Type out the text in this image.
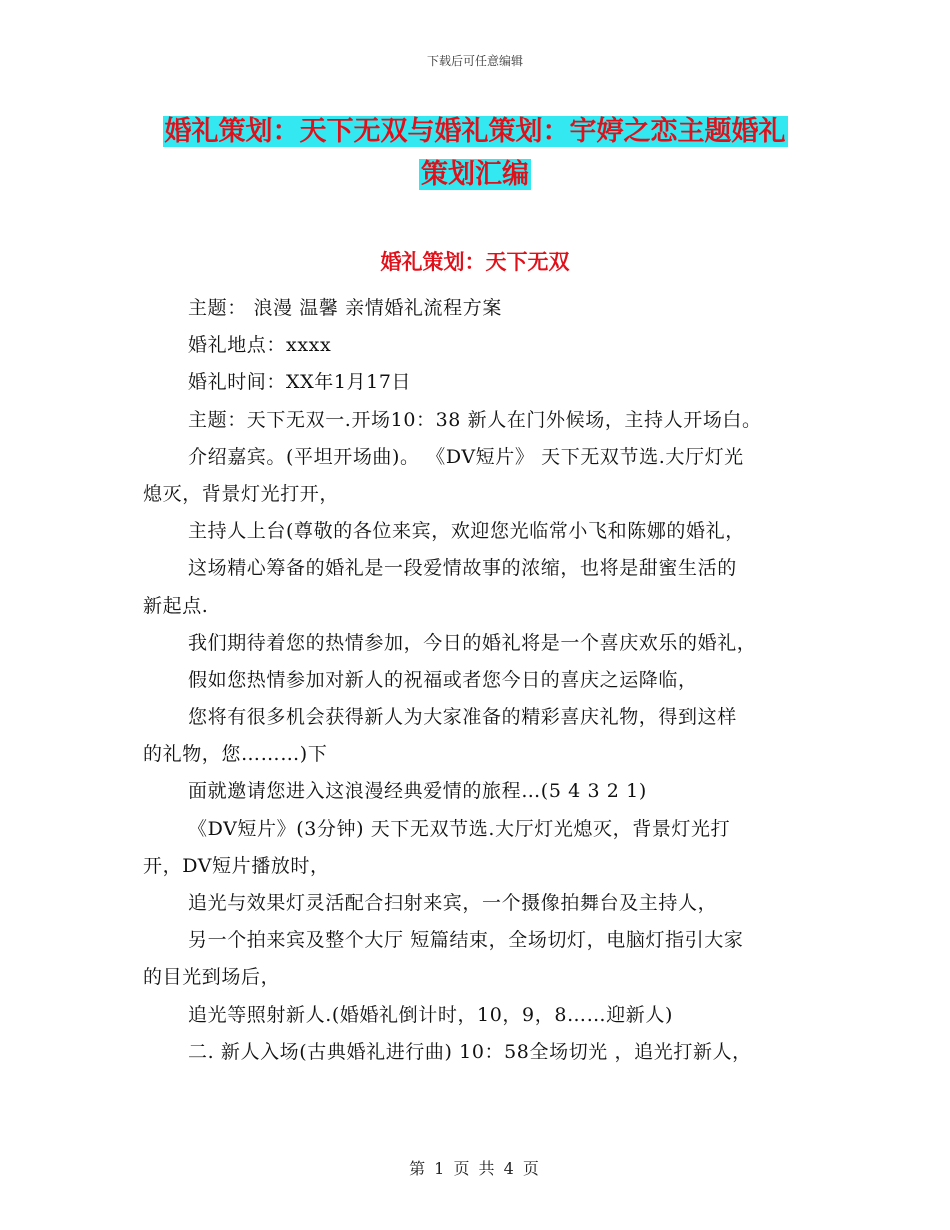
下载后可任意编辑
婚礼策划：天下无双与婚礼策划：宇婷之恋主题婚礼
策划汇编
婚礼策划：天下无双
主题： 浪漫 温馨 亲情婚礼流程方案
婚礼地点：xxxx
婚礼时间：XX年1月17日
主题：天下无双一.开场10：38 新人在门外候场，主持人开场白。
介绍嘉宾。(平坦开场曲)。 《DV短片》 天下无双节选.大厅灯光
熄灭，背景灯光打开，
主持人上台(尊敬的各位来宾，欢迎您光临常小飞和陈娜的婚礼，
这场精心筹备的婚礼是一段爱情故事的浓缩，也将是甜蜜生活的
新起点.
我们期待着您的热情参加，今日的婚礼将是一个喜庆欢乐的婚礼，
假如您热情参加对新人的祝福或者您今日的喜庆之运降临，
您将有很多机会获得新人为大家准备的精彩喜庆礼物，得到这样
的礼物，您………)下
面就邀请您进入这浪漫经典爱情的旅程…(5 4 3 2 1)
《DV短片》(3分钟) 天下无双节选.大厅灯光熄灭，背景灯光打
开，DV短片播放时，
追光与效果灯灵活配合扫射来宾，一个摄像拍舞台及主持人，
另一个拍来宾及整个大厅 短篇结束，全场切灯，电脑灯指引大家
的目光到场后，
追光等照射新人.(婚婚礼倒计时，10，9，8……迎新人)
二. 新人入场(古典婚礼进行曲) 10：58全场切光 ，追光打新人，
第 1 页 共 4 页
